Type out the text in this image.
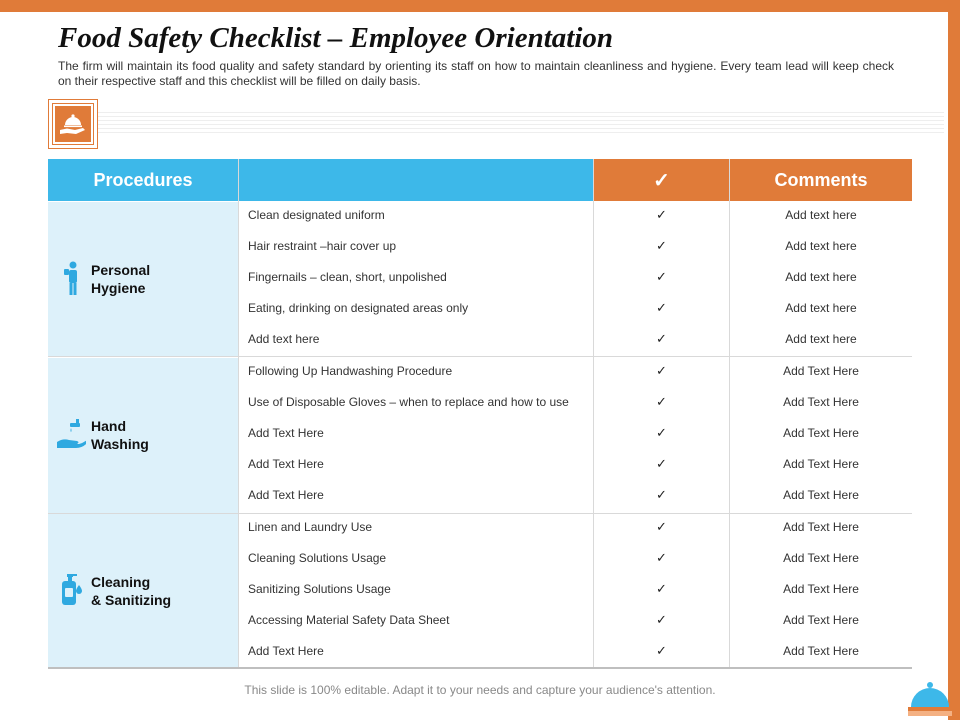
Food Safety Checklist – Employee Orientation
The firm will maintain its food quality and safety standard by orienting its staff on how to maintain cleanliness and hygiene. Every team lead will keep check on their respective staff and this checklist will be filled on daily basis.
Procedures	✓	Comments
Personal
Hygiene
Clean designated uniform	✓	Add text here
Hair restraint –hair cover up	✓	Add text here
Fingernails – clean, short, unpolished	✓	Add text here
Eating, drinking on designated areas only	✓	Add text here
Add text here	✓	Add text here
Hand
Washing
Following Up Handwashing Procedure	✓	Add Text Here
Use of Disposable Gloves – when to replace and how to use	✓	Add Text Here
Add Text Here	✓	Add Text Here
Add Text Here	✓	Add Text Here
Add Text Here	✓	Add Text Here
Cleaning
& Sanitizing
Linen and Laundry Use	✓	Add Text Here
Cleaning Solutions Usage	✓	Add Text Here
Sanitizing Solutions Usage	✓	Add Text Here
Accessing Material Safety Data Sheet	✓	Add Text Here
Add Text Here	✓	Add Text Here
This slide is 100% editable. Adapt it to your needs and capture your audience's attention.
